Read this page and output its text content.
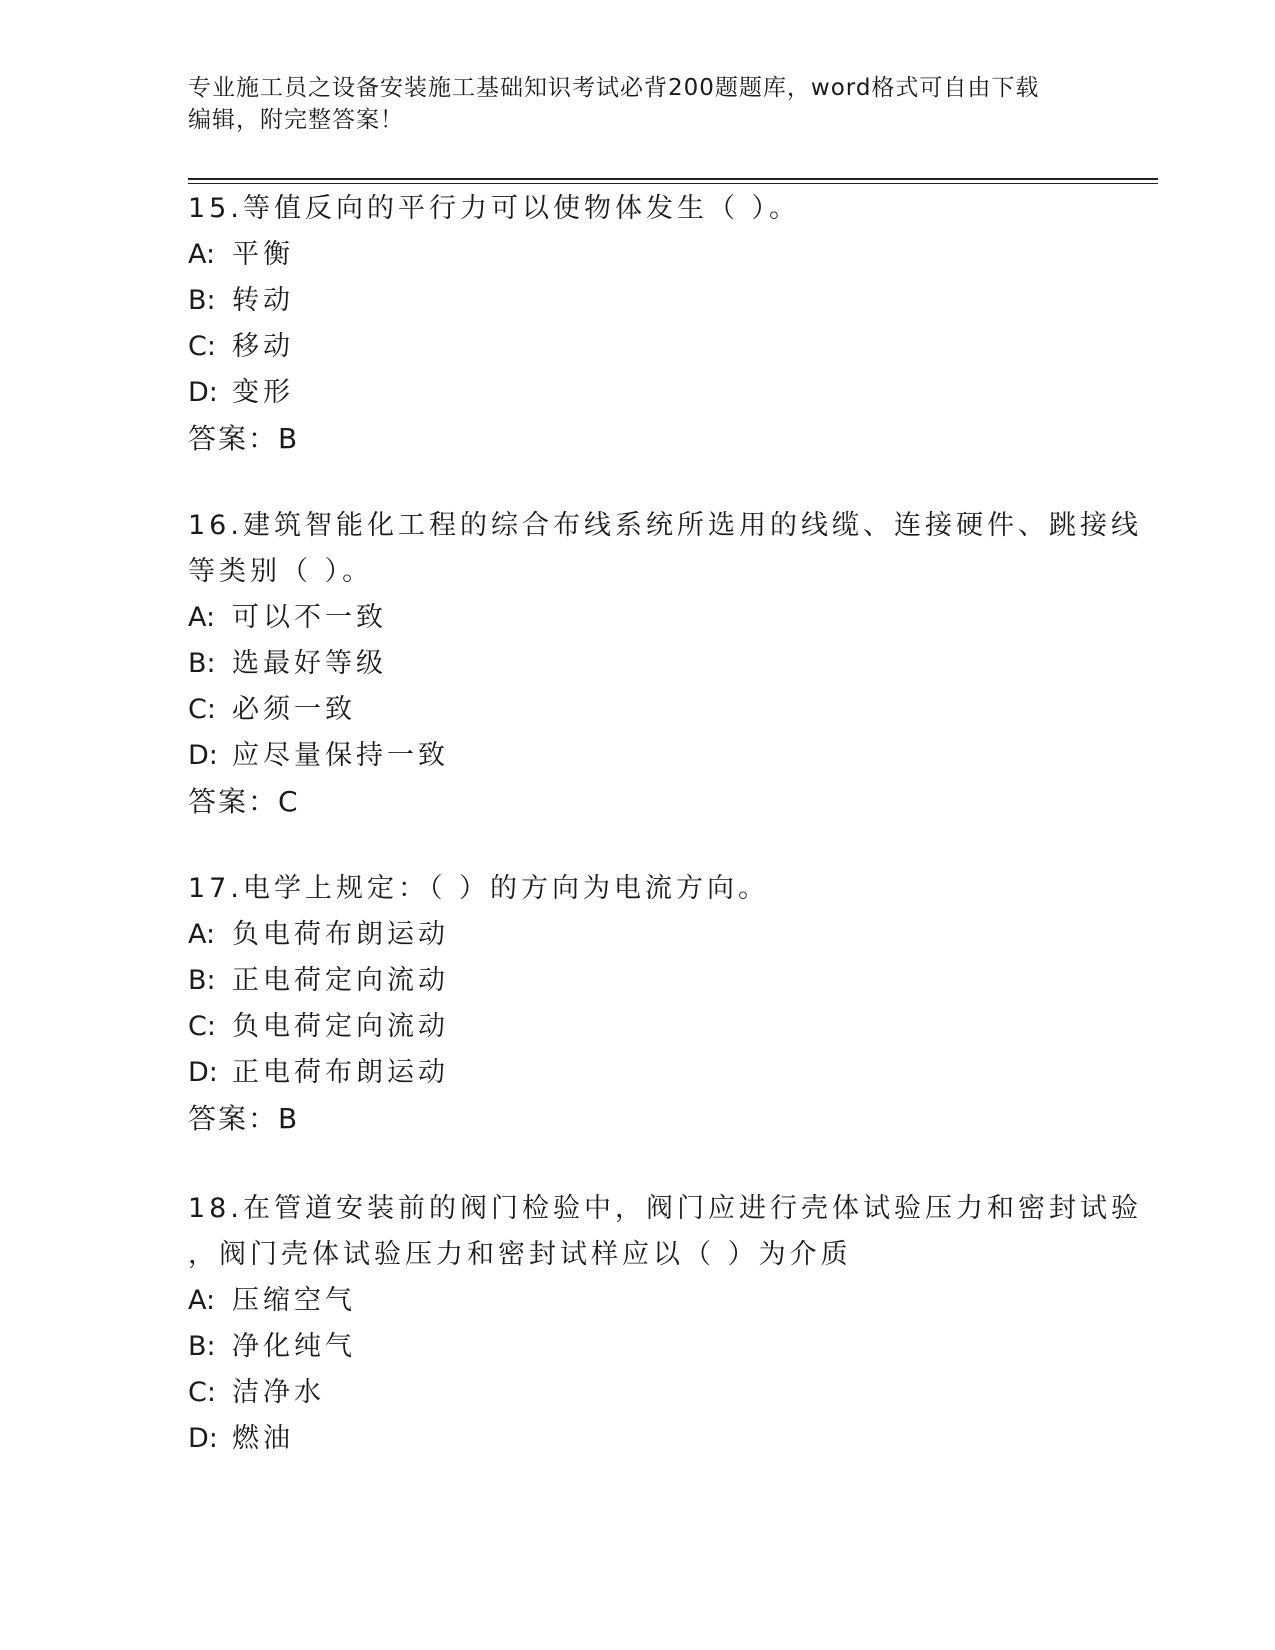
专业施工员之设备安装施工基础知识考试必背200题题库，word格式可自由下载
编辑，附完整答案！
15.等值反向的平行力可以使物体发生（ ）。
A: 平衡
B: 转动
C: 移动
D: 变形
答案：B
16.建筑智能化工程的综合布线系统所选用的线缆、连接硬件、跳接线
等类别（ ）。
A: 可以不一致
B: 选最好等级
C: 必须一致
D: 应尽量保持一致
答案：C
17.电学上规定：（ ）的方向为电流方向。
A: 负电荷布朗运动
B: 正电荷定向流动
C: 负电荷定向流动
D: 正电荷布朗运动
答案：B
18.在管道安装前的阀门检验中，阀门应进行壳体试验压力和密封试验
，阀门壳体试验压力和密封试样应以（ ）为介质
A: 压缩空气
B: 净化纯气
C: 洁净水
D: 燃油
